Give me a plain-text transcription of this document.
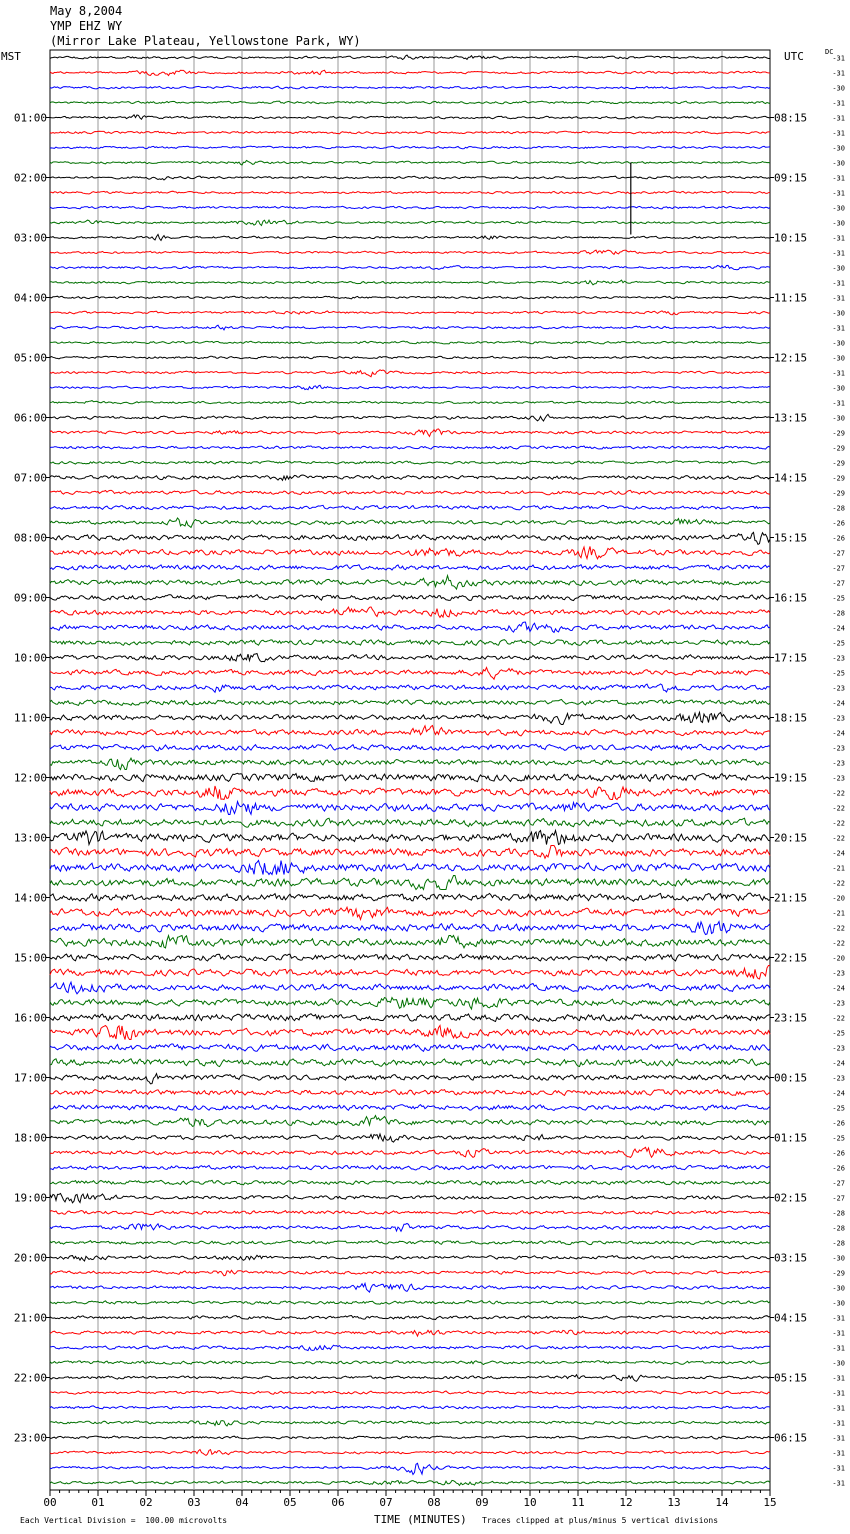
May 8,2004
YMP EHZ WY
(Mirror Lake Plateau, Yellowstone Park, WY)
MST	UTC	DC
00	01	02	03	04	05	06	07	08	09	10	11	12	13	14	15
01:00
02:00
03:00
04:00
05:00
06:00
07:00
08:00
09:00
10:00
11:00
12:00
13:00
14:00
15:00
16:00
17:00
18:00
19:00
20:00
21:00
22:00
23:00
08:15
09:15
10:15
11:15
12:15
13:15
14:15
15:15
16:15
17:15
18:15
19:15
20:15
21:15
22:15
23:15
00:15
01:15
02:15
03:15
04:15
05:15
06:15
-31
-31
-30
-31
-31
-31
-30
-30
-31
-31
-30
-30
-31
-31
-30
-31
-31
-30
-31
-30
-30
-31
-30
-31
-30
-29
-29
-29
-29
-29
-28
-26
-26
-27
-27
-27
-25
-28
-24
-25
-23
-25
-23
-24
-23
-24
-23
-23
-23
-22
-22
-22
-22
-24
-21
-22
-20
-21
-22
-22
-20
-23
-24
-23
-22
-25
-23
-24
-23
-24
-25
-26
-25
-26
-26
-27
-27
-28
-28
-28
-30
-29
-30
-30
-31
-31
-31
-30
-31
-31
-31
-31
-31
-31
-31
-31
Each Vertical Division =  100.00 microvolts	TIME (MINUTES) Traces clipped at plus/minus 5 vertical divisions
